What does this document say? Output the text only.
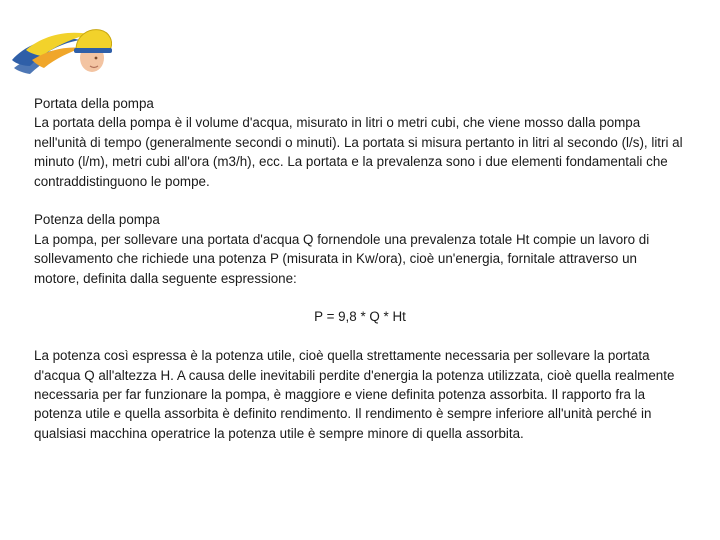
Portata della pompa
La portata della pompa è il volume d'acqua, misurato in litri o metri cubi, che viene mosso dalla pompa nell'unità di tempo (generalmente secondi o minuti). La portata si misura pertanto in litri al secondo (l/s), litri al minuto (l/m), metri cubi all'ora (m3/h), ecc. La portata e la prevalenza sono i due elementi fondamentali che contraddistinguono le pompe.

Potenza della pompa
La pompa, per sollevare una portata d'acqua Q fornendole una prevalenza totale Ht compie un lavoro di sollevamento che richiede una potenza P (misurata in Kw/ora), cioè un'energia, fornitale attraverso un motore, definita dalla seguente espressione:

P = 9,8 * Q * Ht

La potenza così espressa è la potenza utile, cioè quella strettamente necessaria per sollevare la portata d'acqua Q all'altezza H. A causa delle inevitabili perdite d'energia la potenza utilizzata, cioè quella realmente necessaria per far funzionare la pompa, è maggiore e viene definita potenza assorbita. Il rapporto fra la potenza utile e quella assorbita è definito rendimento. Il rendimento è sempre inferiore all'unità perché in qualsiasi macchina operatrice la potenza utile è sempre minore di quella assorbita.
